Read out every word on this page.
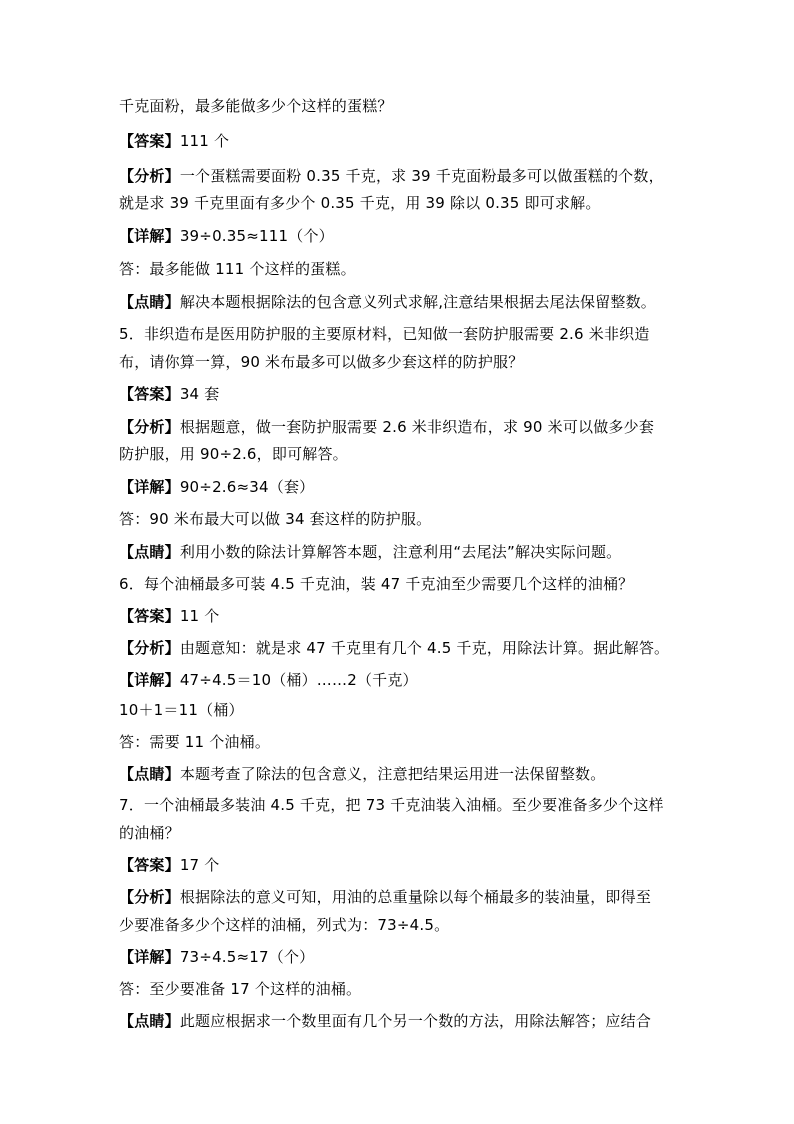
千克面粉，最多能做多少个这样的蛋糕？
【答案】111 个
【分析】一个蛋糕需要面粉 0.35 千克，求 39 千克面粉最多可以做蛋糕的个数，
就是求 39 千克里面有多少个 0.35 千克，用 39 除以 0.35 即可求解。
【详解】39÷0.35≈111（个）
答：最多能做 111 个这样的蛋糕。
【点睛】解决本题根据除法的包含意义列式求解,注意结果根据去尾法保留整数。
5．非织造布是医用防护服的主要原材料，已知做一套防护服需要 2.6 米非织造
布，请你算一算，90 米布最多可以做多少套这样的防护服？
【答案】34 套
【分析】根据题意，做一套防护服需要 2.6 米非织造布，求 90 米可以做多少套
防护服，用 90÷2.6，即可解答。
【详解】90÷2.6≈34（套）
答：90 米布最大可以做 34 套这样的防护服。
【点睛】利用小数的除法计算解答本题，注意利用“去尾法”解决实际问题。
6．每个油桶最多可装 4.5 千克油，装 47 千克油至少需要几个这样的油桶？
【答案】11 个
【分析】由题意知：就是求 47 千克里有几个 4.5 千克，用除法计算。据此解答。
【详解】47÷4.5＝10（桶）……2（千克）
10＋1＝11（桶）
答：需要 11 个油桶。
【点睛】本题考查了除法的包含意义，注意把结果运用进一法保留整数。
7．一个油桶最多装油 4.5 千克，把 73 千克油装入油桶。至少要准备多少个这样
的油桶？
【答案】17 个
【分析】根据除法的意义可知，用油的总重量除以每个桶最多的装油量，即得至
少要准备多少个这样的油桶，列式为：73÷4.5。
【详解】73÷4.5≈17（个）
答：至少要准备 17 个这样的油桶。
【点睛】此题应根据求一个数里面有几个另一个数的方法，用除法解答；应结合
